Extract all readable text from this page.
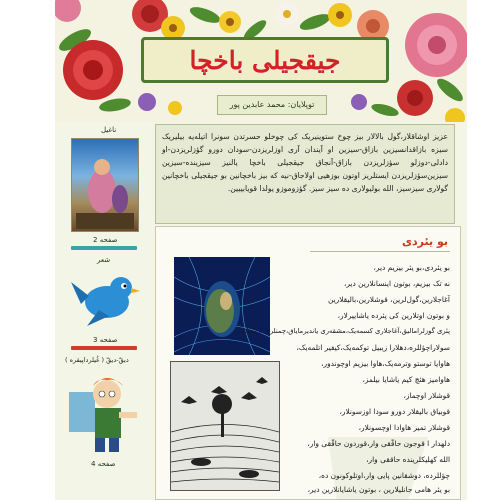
جیقجیلی باخچا
توپلایان: محمد عابدین پور
ناغیل
صفحه 2
شعر
صفحه 3
دیقّ-دیقّ ( غُیلرداپیقره )
صفحه 4

عزیز اوشاقلار،گول بالالار بیز چوخ ستوینیریک کی چوخلو حسرتدن سونرا اتیله‌یه بیلیریک سیزه بازاقدانسیزین بازاق-سیزین او آیندان آری اوزلریزدن-سودان دورو گؤزلریزدن-او دادلی-دوزلو سؤزلریزدن بازاق-آنجاق جیقجیلی باخچا یالنیز سیزینده-سیزین سیزین‌سؤزلریزدن ایستلریز او‌تون بوزهیی اولاجاق-نیه که بیز باخچانین بو جیقجیلی باخچانین گولاری سیزسیز، الله بولیولاری ده سیز سیز. گؤزوموزو یولدا قویابییین.

بو یئردی
بو یئردی،بو یئر بیزیم دیر،
نه تک بیزیم، بوتون اینسانلارین دیر،
آغاجلارین،گول‌لرین، قوشلارین،بالیقلارین
و بوتون اوتلارین کی پئرده یاشاییرلار،
پئری گوزلرامالیق،آغاجلاری کسمه‌یک،مشقه‌ری یاندیرمایاق،چمنلری ازمه‌یک،
سولارا‌چؤللره‌،دهلارا زیبیل توکمه‌یک،کیفیر اتلمه‌یک،
هاوایا توستو وترمه‌یک،هاوا بیزیم اوچوندور،
هاوامیز هئچ کیم یاشایا بیلمز،
قوشلار اوچماز،
قوبیاق بالیقلار دورو سودا اوزسونلار،
قوشلار تمیز هاوادا اوچسونلار،
دلهدار ا قوجون حاقّقی وار،قوردون حاقّقی وار،
الله کهلیکلرینده حاققی وار،
چؤللرده، دوشقانین پایی وار،اوتلوکونون ده،
بو یئر هامی جانلیلارین ، بوتون یاشایانلارین دیر،
